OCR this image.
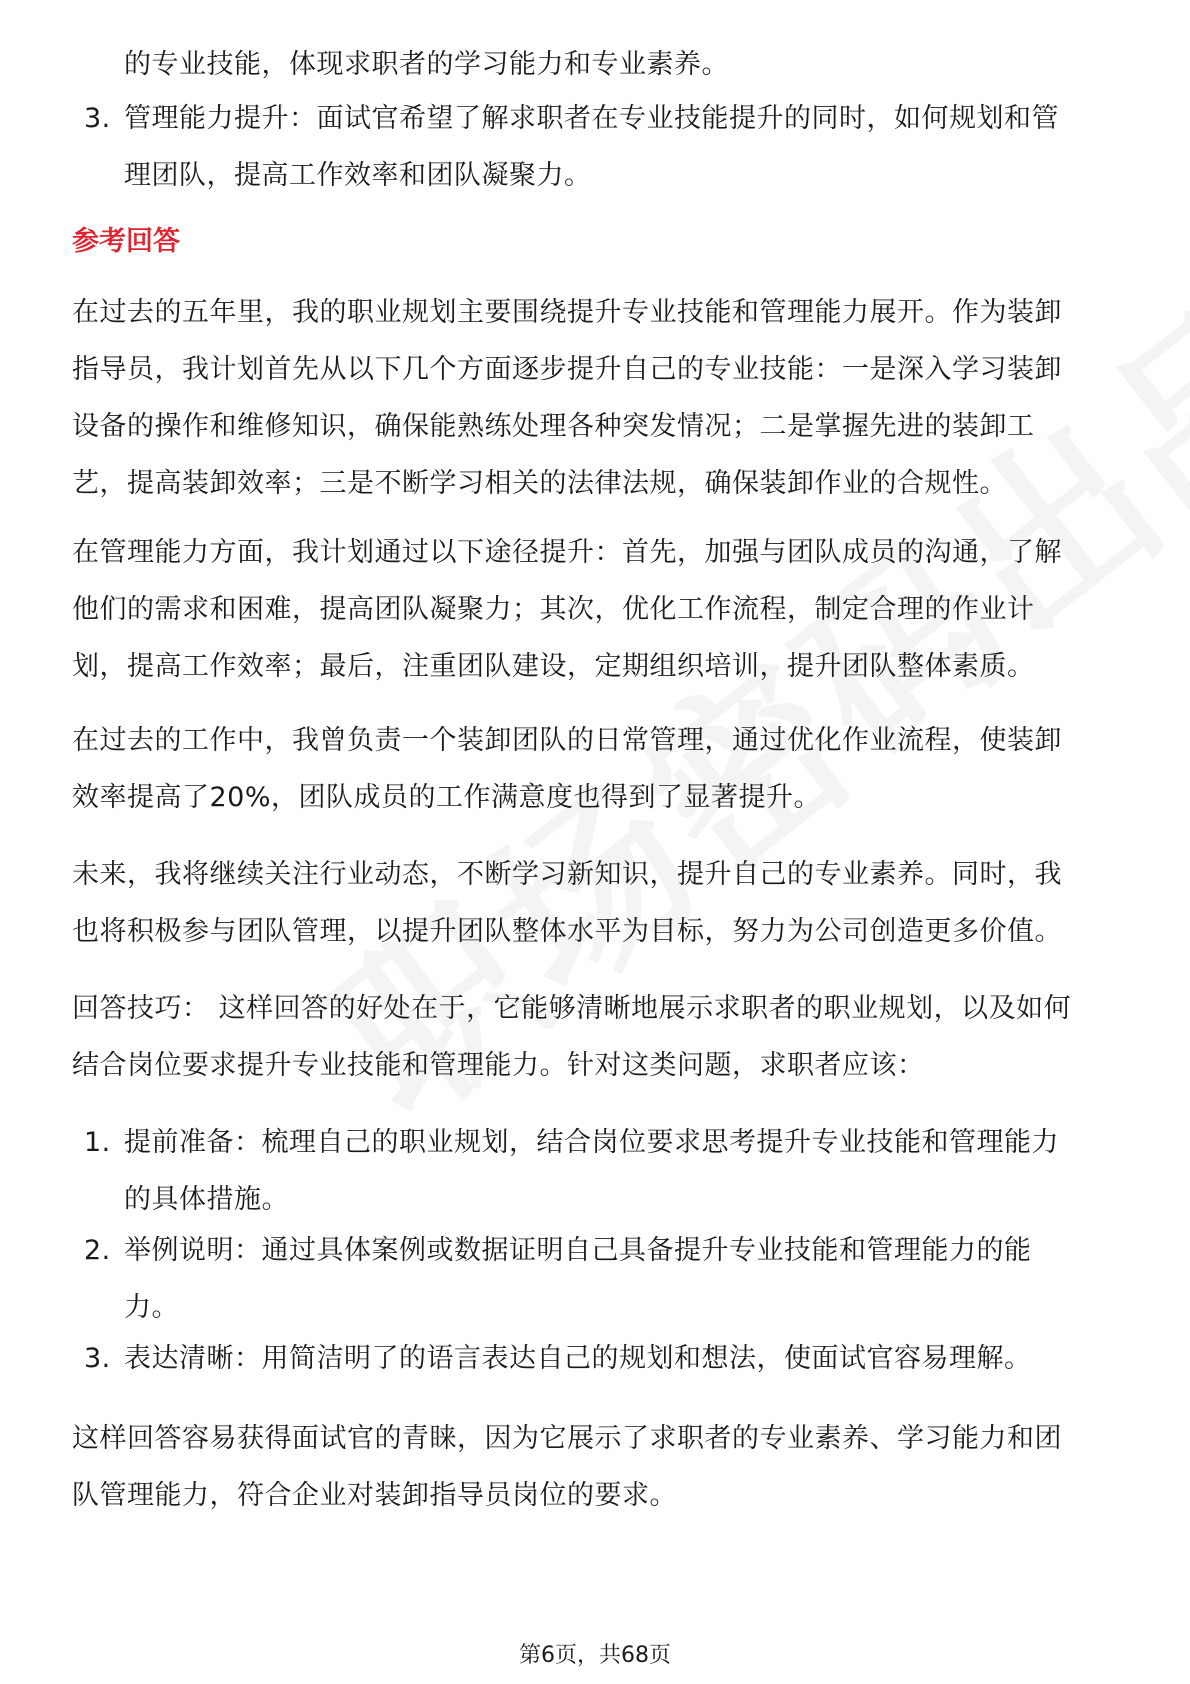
的专业技能，体现求职者的学习能力和专业素养。
3. 管理能力提升：面试官希望了解求职者在专业技能提升的同时，如何规划和管
理团队，提高工作效率和团队凝聚力。
参考回答
在过去的五年里，我的职业规划主要围绕提升专业技能和管理能力展开。作为装卸
指导员，我计划首先从以下几个方面逐步提升自己的专业技能：一是深入学习装卸
设备的操作和维修知识，确保能熟练处理各种突发情况；二是掌握先进的装卸工
艺，提高装卸效率；三是不断学习相关的法律法规，确保装卸作业的合规性。
在管理能力方面，我计划通过以下途径提升：首先，加强与团队成员的沟通，了解
他们的需求和困难，提高团队凝聚力；其次，优化工作流程，制定合理的作业计
划，提高工作效率；最后，注重团队建设，定期组织培训，提升团队整体素质。
在过去的工作中，我曾负责一个装卸团队的日常管理，通过优化作业流程，使装卸
效率提高了20%，团队成员的工作满意度也得到了显著提升。
未来，我将继续关注行业动态，不断学习新知识，提升自己的专业素养。同时，我
也将积极参与团队管理，以提升团队整体水平为目标，努力为公司创造更多价值。
回答技巧： 这样回答的好处在于，它能够清晰地展示求职者的职业规划，以及如何
结合岗位要求提升专业技能和管理能力。针对这类问题，求职者应该：
1. 提前准备：梳理自己的职业规划，结合岗位要求思考提升专业技能和管理能力
的具体措施。
2. 举例说明：通过具体案例或数据证明自己具备提升专业技能和管理能力的能
力。
3. 表达清晰：用简洁明了的语言表达自己的规划和想法，使面试官容易理解。
这样回答容易获得面试官的青睐，因为它展示了求职者的专业素养、学习能力和团
队管理能力，符合企业对装卸指导员岗位的要求。
第6页，共68页
